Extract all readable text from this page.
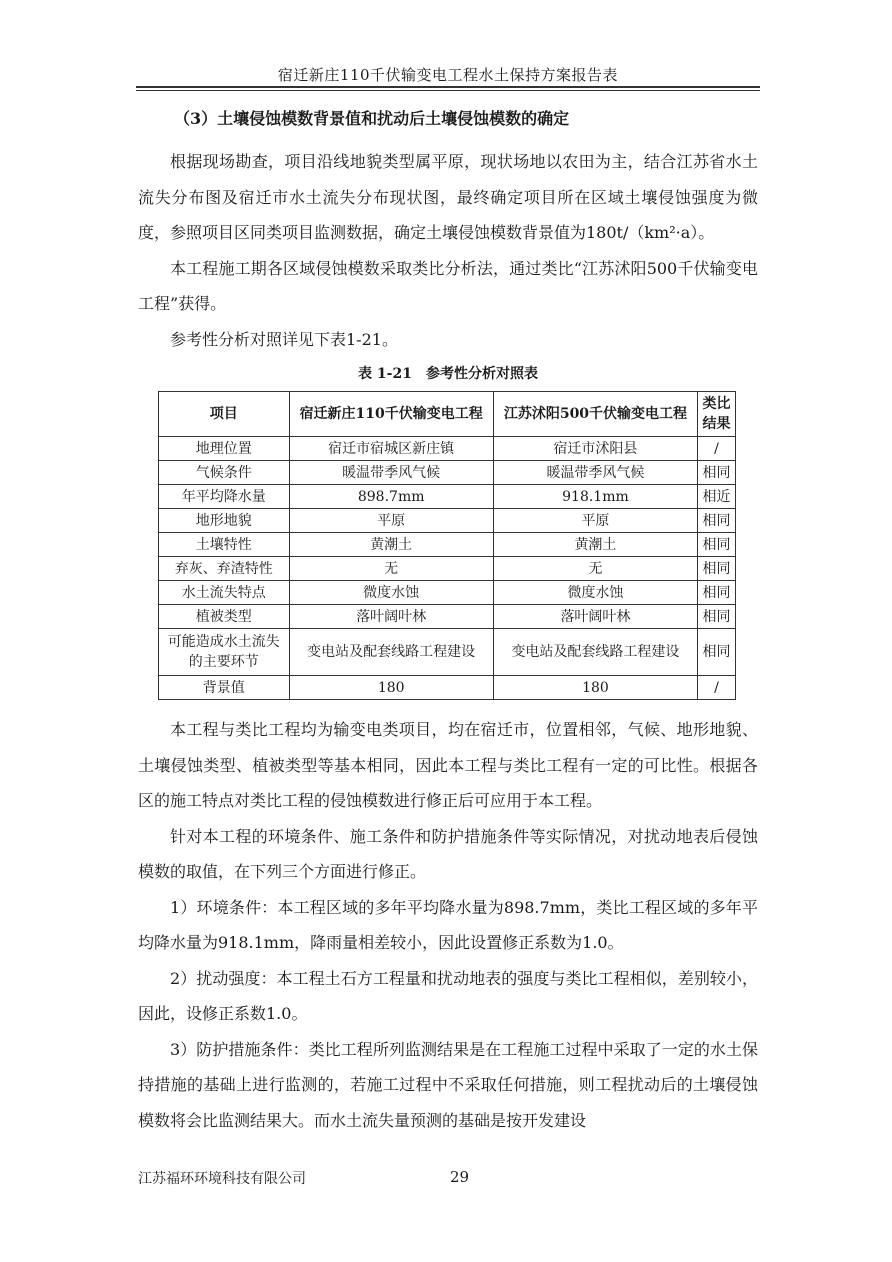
宿迁新庄110千伏输变电工程水土保持方案报告表
（3）土壤侵蚀模数背景值和扰动后土壤侵蚀模数的确定

根据现场勘查，项目沿线地貌类型属平原，现状场地以农田为主，结合江苏省水土流失分布图及宿迁市水土流失分布现状图，最终确定项目所在区域土壤侵蚀强度为微度，参照项目区同类项目监测数据，确定土壤侵蚀模数背景值为180t/（km²·a）。

本工程施工期各区域侵蚀模数采取类比分析法，通过类比“江苏沭阳500千伏输变电工程”获得。

参考性分析对照详见下表1-21。

表 1-21　参考性分析对照表
项目	宿迁新庄110千伏输变电工程	江苏沭阳500千伏输变电工程	类比结果
地理位置	宿迁市宿城区新庄镇	宿迁市沭阳县	/
气候条件	暖温带季风气候	暖温带季风气候	相同
年平均降水量	898.7mm	918.1mm	相近
地形地貌	平原	平原	相同
土壤特性	黄潮土	黄潮土	相同
弃灰、弃渣特性	无	无	相同
水土流失特点	微度水蚀	微度水蚀	相同
植被类型	落叶阔叶林	落叶阔叶林	相同
可能造成水土流失的主要环节	变电站及配套线路工程建设	变电站及配套线路工程建设	相同
背景值	180	180	/

本工程与类比工程均为输变电类项目，均在宿迁市，位置相邻，气候、地形地貌、土壤侵蚀类型、植被类型等基本相同，因此本工程与类比工程有一定的可比性。根据各区的施工特点对类比工程的侵蚀模数进行修正后可应用于本工程。

针对本工程的环境条件、施工条件和防护措施条件等实际情况，对扰动地表后侵蚀模数的取值，在下列三个方面进行修正。

1）环境条件：本工程区域的多年平均降水量为898.7mm，类比工程区域的多年平均降水量为918.1mm，降雨量相差较小，因此设置修正系数为1.0。

2）扰动强度：本工程土石方工程量和扰动地表的强度与类比工程相似，差别较小，因此，设修正系数1.0。

3）防护措施条件：类比工程所列监测结果是在工程施工过程中采取了一定的水土保持措施的基础上进行监测的，若施工过程中不采取任何措施，则工程扰动后的土壤侵蚀模数将会比监测结果大。而水土流失量预测的基础是按开发建设

江苏福环环境科技有限公司	29
